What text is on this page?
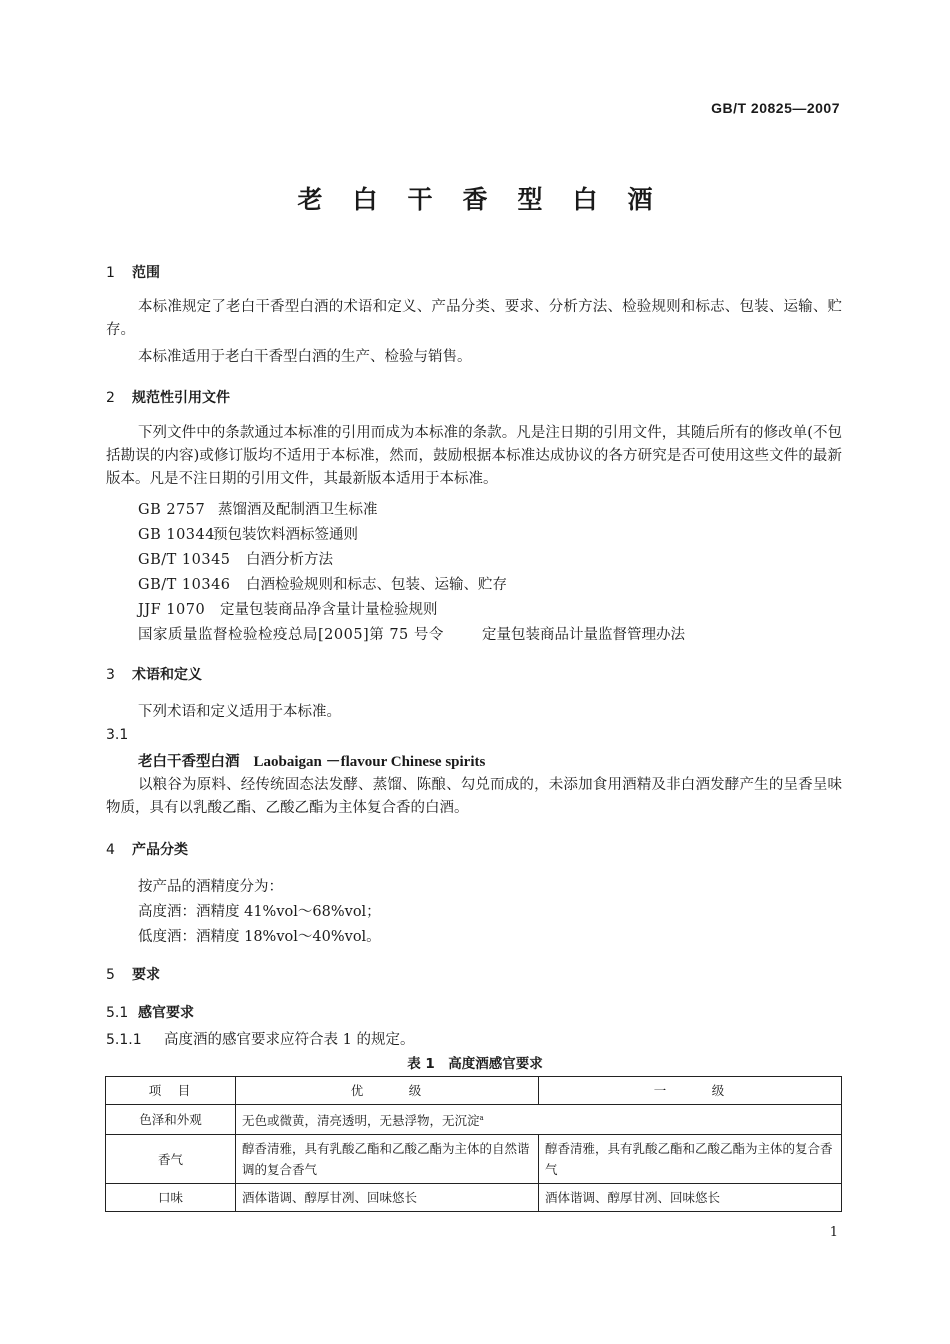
GB/T 20825—2007
老白干香型白酒
1 范围
本标准规定了老白干香型白酒的术语和定义、产品分类、要求、分析方法、检验规则和标志、包装、运输、贮存。
本标准适用于老白干香型白酒的生产、检验与销售。
2 规范性引用文件
下列文件中的条款通过本标准的引用而成为本标准的条款。凡是注日期的引用文件，其随后所有的修改单(不包括勘误的内容)或修订版均不适用于本标准，然而，鼓励根据本标准达成协议的各方研究是否可使用这些文件的最新版本。凡是不注日期的引用文件，其最新版本适用于本标准。
GB 2757 蒸馏酒及配制酒卫生标准
GB 10344预包装饮料酒标签通则
GB/T 10345 白酒分析方法
GB/T 10346 白酒检验规则和标志、包装、运输、贮存
JJF 1070 定量包装商品净含量计量检验规则
国家质量监督检验检疫总局[2005]第 75 号令	定量包装商品计量监督管理办法
3 术语和定义
下列术语和定义适用于本标准。
3.1
老白干香型白酒 Laobaigan －flavour Chinese spirits
以粮谷为原料、经传统固态法发酵、蒸馏、陈酿、勾兑而成的，未添加食用酒精及非白酒发酵产生的呈香呈味物质，具有以乳酸乙酯、乙酸乙酯为主体复合香的白酒。
4 产品分类
按产品的酒精度分为：
高度酒：酒精度 41%vol～68%vol；
低度酒：酒精度 18%vol～40%vol。
5 要求
5.1 感官要求
5.1.1 高度酒的感官要求应符合表 1 的规定。
表 1　高度酒感官要求
项　目	优　　　级	一　　　级
色泽和外观	无色或微黄，清亮透明，无悬浮物，无沉淀$^a$
香气	醇香清雅，具有乳酸乙酯和乙酸乙酯为主体的自然谐调的复合香气	醇香清雅，具有乳酸乙酯和乙酸乙酯为主体的复合香气
口味	酒体谐调、醇厚甘冽、回味悠长	酒体谐调、醇厚甘冽、回味悠长
1
